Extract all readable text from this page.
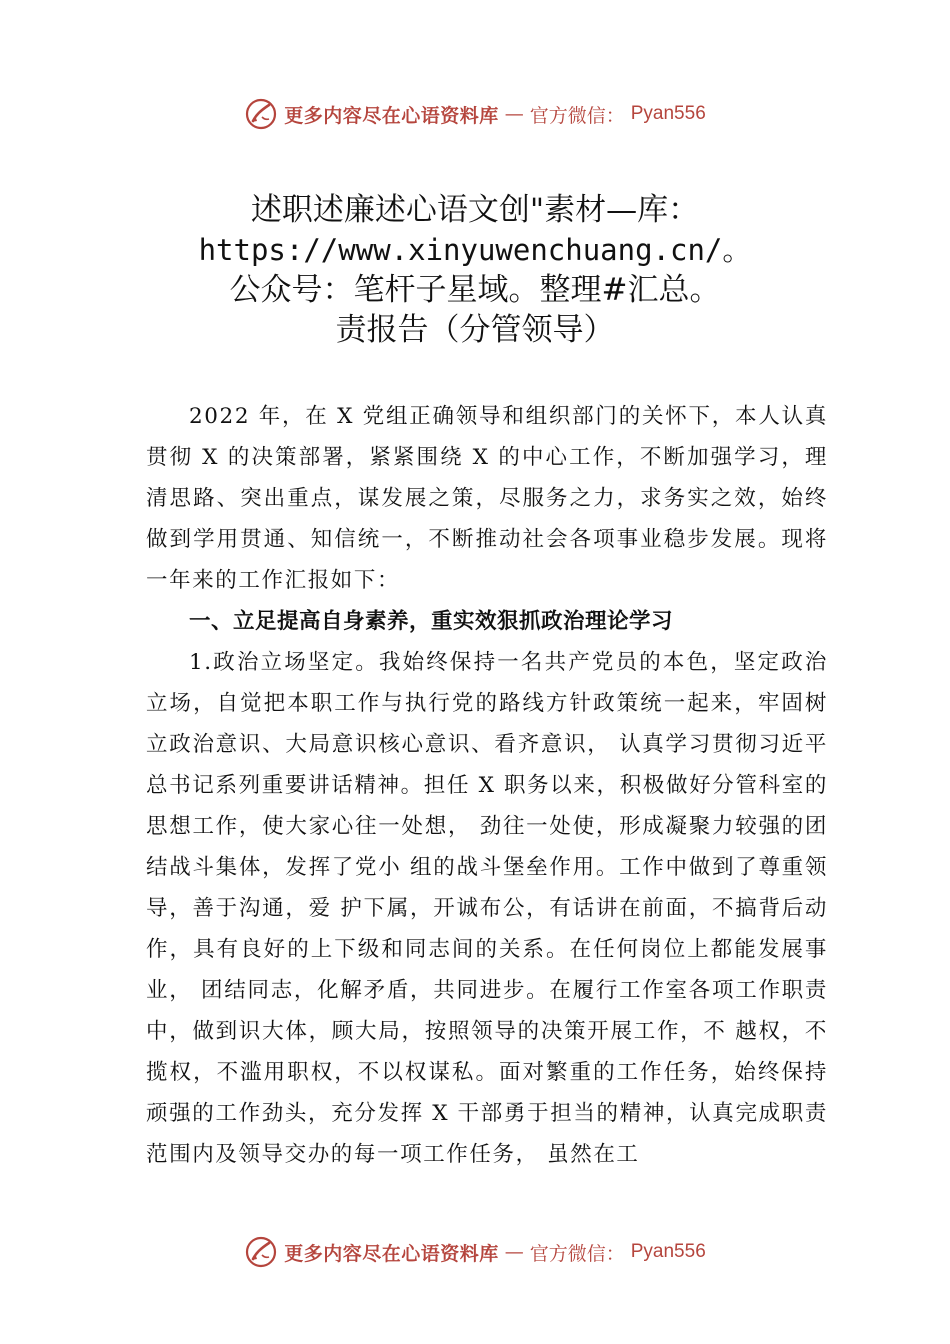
更多内容尽在心语资料库 — 官方微信： Pyan556
述职述廉述心语文创"素材—库：
https://www.xinyuwenchuang.cn/。
公众号：笔杆子星域。整理#汇总。
责报告（分管领导）

2022 年，在 X 党组正确领导和组织部门的关怀下，本人认真贯彻 X 的决策部署，紧紧围绕 X 的中心工作，不断加强学习，理清思路、突出重点，谋发展之策，尽服务之力，求务实之效，始终做到学用贯通、知信统一，不断推动社会各项事业稳步发展。现将一年来的工作汇报如下：

一、立足提高自身素养，重实效狠抓政治理论学习

1.政治立场坚定。我始终保持一名共产党员的本色，坚定政治立场，自觉把本职工作与执行党的路线方针政策统一起来，牢固树立政治意识、大局意识核心意识、看齐意识， 认真学习贯彻习近平总书记系列重要讲话精神。担任 X 职务以来，积极做好分管科室的思想工作，使大家心往一处想， 劲往一处使，形成凝聚力较强的团结战斗集体，发挥了党小 组的战斗堡垒作用。工作中做到了尊重领导，善于沟通，爱 护下属，开诚布公，有话讲在前面，不搞背后动作，具有良好的上下级和同志间的关系。在任何岗位上都能发展事业， 团结同志，化解矛盾，共同进步。在履行工作室各项工作职责中，做到识大体，顾大局，按照领导的决策开展工作，不 越权，不揽权，不滥用职权，不以权谋私。面对繁重的工作任务，始终保持顽强的工作劲头，充分发挥 X 干部勇于担当的精神，认真完成职责范围内及领导交办的每一项工作任务， 虽然在工

更多内容尽在心语资料库 — 官方微信： Pyan556
